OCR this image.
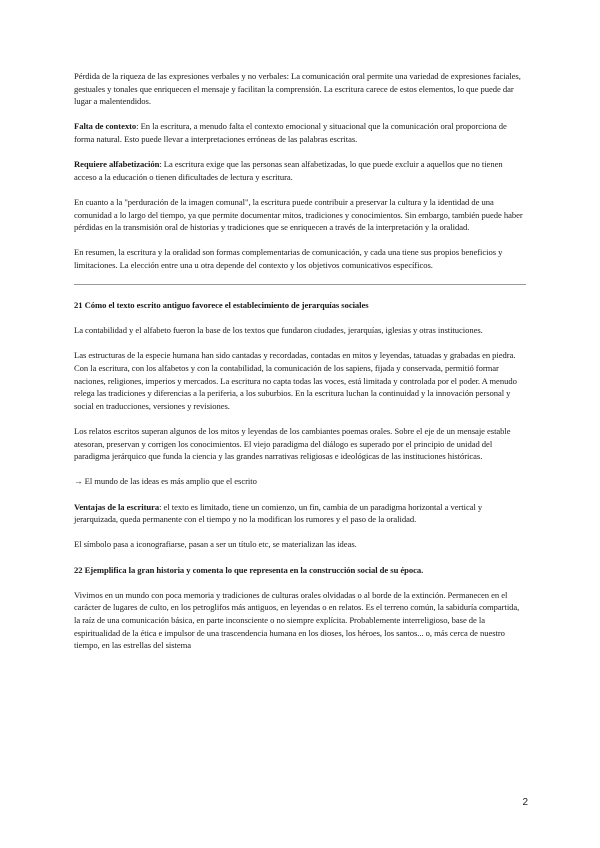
Pérdida de la riqueza de las expresiones verbales y no verbales: La comunicación oral permite una variedad de expresiones faciales, gestuales y tonales que enriquecen el mensaje y facilitan la comprensión. La escritura carece de estos elementos, lo que puede dar lugar a malentendidos.

Falta de contexto: En la escritura, a menudo falta el contexto emocional y situacional que la comunicación oral proporciona de forma natural. Esto puede llevar a interpretaciones erróneas de las palabras escritas.

Requiere alfabetización: La escritura exige que las personas sean alfabetizadas, lo que puede excluir a aquellos que no tienen acceso a la educación o tienen dificultades de lectura y escritura.

En cuanto a la "perduración de la imagen comunal", la escritura puede contribuir a preservar la cultura y la identidad de una comunidad a lo largo del tiempo, ya que permite documentar mitos, tradiciones y conocimientos. Sin embargo, también puede haber pérdidas en la transmisión oral de historias y tradiciones que se enriquecen a través de la interpretación y la oralidad.

En resumen, la escritura y la oralidad son formas complementarias de comunicación, y cada una tiene sus propios beneficios y limitaciones. La elección entre una u otra depende del contexto y los objetivos comunicativos específicos.

21 Cómo el texto escrito antiguo favorece el establecimiento de jerarquías sociales

La contabilidad y el alfabeto fueron la base de los textos que fundaron ciudades, jerarquías, iglesias y otras instituciones.

Las estructuras de la especie humana han sido cantadas y recordadas, contadas en mitos y leyendas, tatuadas y grabadas en piedra. Con la escritura, con los alfabetos y con la contabilidad, la comunicación de los sapiens, fijada y conservada, permitió formar naciones, religiones, imperios y mercados. La escritura no capta todas las voces, está limitada y controlada por el poder. A menudo relega las tradiciones y diferencias a la periferia, a los suburbios. En la escritura luchan la continuidad y la innovación personal y social en traducciones, versiones y revisiones.

Los relatos escritos superan algunos de los mitos y leyendas de los cambiantes poemas orales. Sobre el eje de un mensaje estable atesoran, preservan y corrigen los conocimientos. El viejo paradigma del diálogo es superado por el principio de unidad del paradigma jerárquico que funda la ciencia y las grandes narrativas religiosas e ideológicas de las instituciones históricas.

→ El mundo de las ideas es más amplio que el escrito

Ventajas de la escritura: el texto es limitado, tiene un comienzo, un fin, cambia de un paradigma horizontal a vertical y jerarquizada, queda permanente con el tiempo y no la modifican los rumores y el paso de la oralidad.

El símbolo pasa a iconografiarse, pasan a ser un título etc, se materializan las ideas.

22 Ejemplifica la gran historia y comenta lo que representa en la construcción social de su época.

Vivimos en un mundo con poca memoria y tradiciones de culturas orales olvidadas o al borde de la extinción. Permanecen en el carácter de lugares de culto, en los petroglifos más antiguos, en leyendas o en relatos. Es el terreno común, la sabiduría compartida, la raíz de una comunicación básica, en parte inconsciente o no siempre explícita. Probablemente interreligioso, base de la espiritualidad de la ética e impulsor de una trascendencia humana en los dioses, los héroes, los santos... o, más cerca de nuestro tiempo, en las estrellas del sistema

2
